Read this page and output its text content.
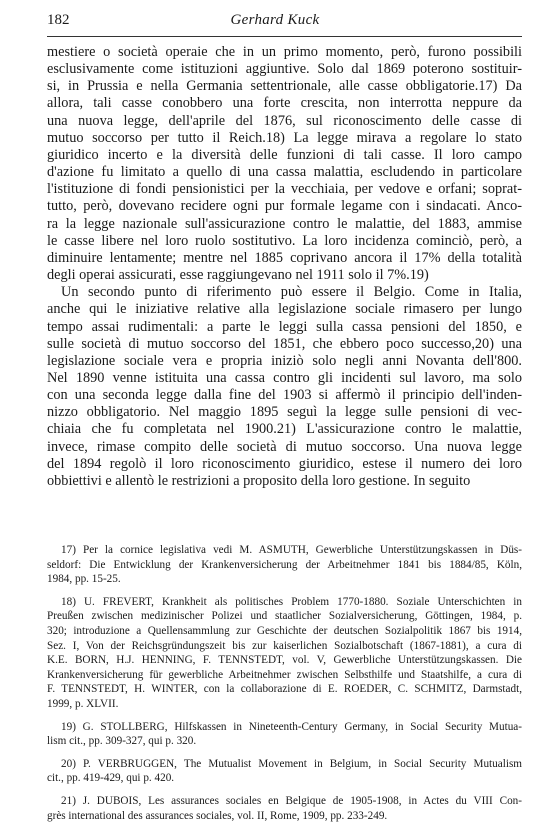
182	Gerhard Kuck
mestiere o società operaie che in un primo momento, però, furono possibili
esclusivamente come istituzioni aggiuntive. Solo dal 1869 poterono sostituir-
si, in Prussia e nella Germania settentrionale, alle casse obbligatorie.17) Da
allora, tali casse conobbero una forte crescita, non interrotta neppure da
una nuova legge, dell'aprile del 1876, sul riconoscimento delle casse di
mutuo soccorso per tutto il Reich.18) La legge mirava a regolare lo stato
giuridico incerto e la diversità delle funzioni di tali casse. Il loro campo
d'azione fu limitato a quello di una cassa malattia, escludendo in particolare
l'istituzione di fondi pensionistici per la vecchiaia, per vedove e orfani; soprat-
tutto, però, dovevano recidere ogni pur formale legame con i sindacati. Anco-
ra la legge nazionale sull'assicurazione contro le malattie, del 1883, ammise
le casse libere nel loro ruolo sostitutivo. La loro incidenza cominciò, però, a
diminuire lentamente; mentre nel 1885 coprivano ancora il 17% della totalità
degli operai assicurati, esse raggiungevano nel 1911 solo il 7%.19)
Un secondo punto di riferimento può essere il Belgio. Come in Italia,
anche qui le iniziative relative alla legislazione sociale rimasero per lungo
tempo assai rudimentali: a parte le leggi sulla cassa pensioni del 1850, e
sulle società di mutuo soccorso del 1851, che ebbero poco successo,20) una
legislazione sociale vera e propria iniziò solo negli anni Novanta dell'800.
Nel 1890 venne istituita una cassa contro gli incidenti sul lavoro, ma solo
con una seconda legge dalla fine del 1903 si affermò il principio dell'inden-
nizzo obbligatorio. Nel maggio 1895 seguì la legge sulle pensioni di vec-
chiaia che fu completata nel 1900.21) L'assicurazione contro le malattie,
invece, rimase compito delle società di mutuo soccorso. Una nuova legge
del 1894 regolò il loro riconoscimento giuridico, estese il numero dei loro
obbiettivi e allentò le restrizioni a proposito della loro gestione. In seguito
17) Per la cornice legislativa vedi M. ASMUTH, Gewerbliche Unterstützungskassen in Düs-
seldorf: Die Entwicklung der Krankenversicherung der Arbeitnehmer 1841 bis 1884/85, Köln,
1984, pp. 15-25.
18) U. FREVERT, Krankheit als politisches Problem 1770-1880. Soziale Unterschichten in
Preußen zwischen medizinischer Polizei und staatlicher Sozialversicherung, Göttingen, 1984, p.
320; introduzione a Quellensammlung zur Geschichte der deutschen Sozialpolitik 1867 bis 1914,
Sez. I, Von der Reichsgründungszeit bis zur kaiserlichen Sozialbotschaft (1867-1881), a cura di
K.E. BORN, H.J. HENNING, F. TENNSTEDT, vol. V, Gewerbliche Unterstützungskassen. Die
Krankenversicherung für gewerbliche Arbeitnehmer zwischen Selbsthilfe und Staatshilfe, a cura di
F. TENNSTEDT, H. WINTER, con la collaborazione di E. ROEDER, C. SCHMITZ, Darmstadt,
1999, p. XLVII.
19) G. STOLLBERG, Hilfskassen in Nineteenth-Century Germany, in Social Security Mutua-
lism cit., pp. 309-327, qui p. 320.
20) P. VERBRUGGEN, The Mutualist Movement in Belgium, in Social Security Mutualism
cit., pp. 419-429, qui p. 420.
21) J. DUBOIS, Les assurances sociales en Belgique de 1905-1908, in Actes du VIII Con-
grès international des assurances sociales, vol. II, Rome, 1909, pp. 233-249.
